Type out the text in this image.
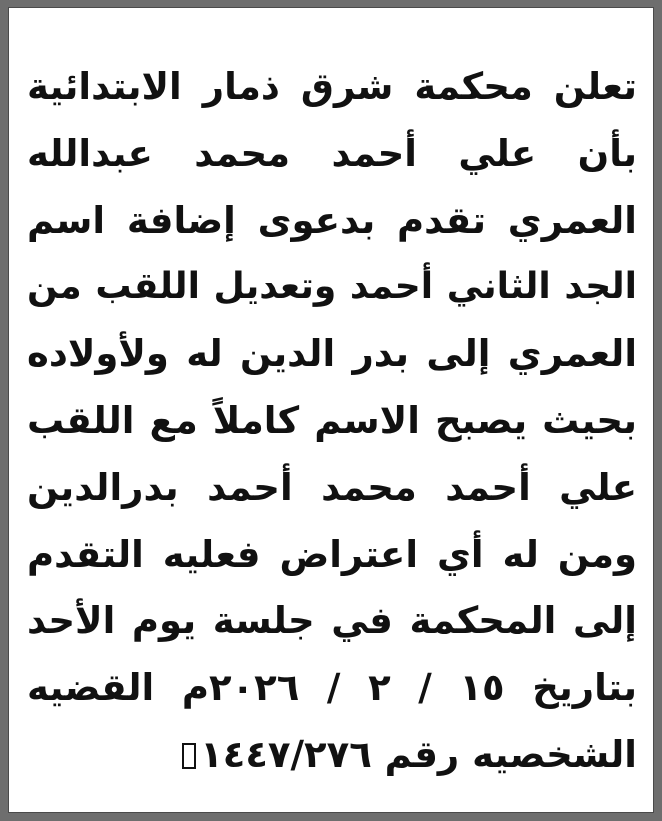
تعلن محكمة شرق ذمار الابتدائية
بأن علي أحمد محمد عبدالله
العمري تقدم بدعوى إضافة اسم
الجد الثاني أحمد وتعديل اللقب من
العمري إلى بدر الدين له ولأولاده
بحيث يصبح الاسم كاملاً مع اللقب
علي أحمد محمد أحمد بدرالدين
ومن له أي اعتراض فعليه التقدم
إلى المحكمة في جلسة يوم الأحد
بتاريخ ١٥ / ٢ / ٢٠٢٦م القضيه
الشخصيه رقم ١٤٤٧/٢٧٦
